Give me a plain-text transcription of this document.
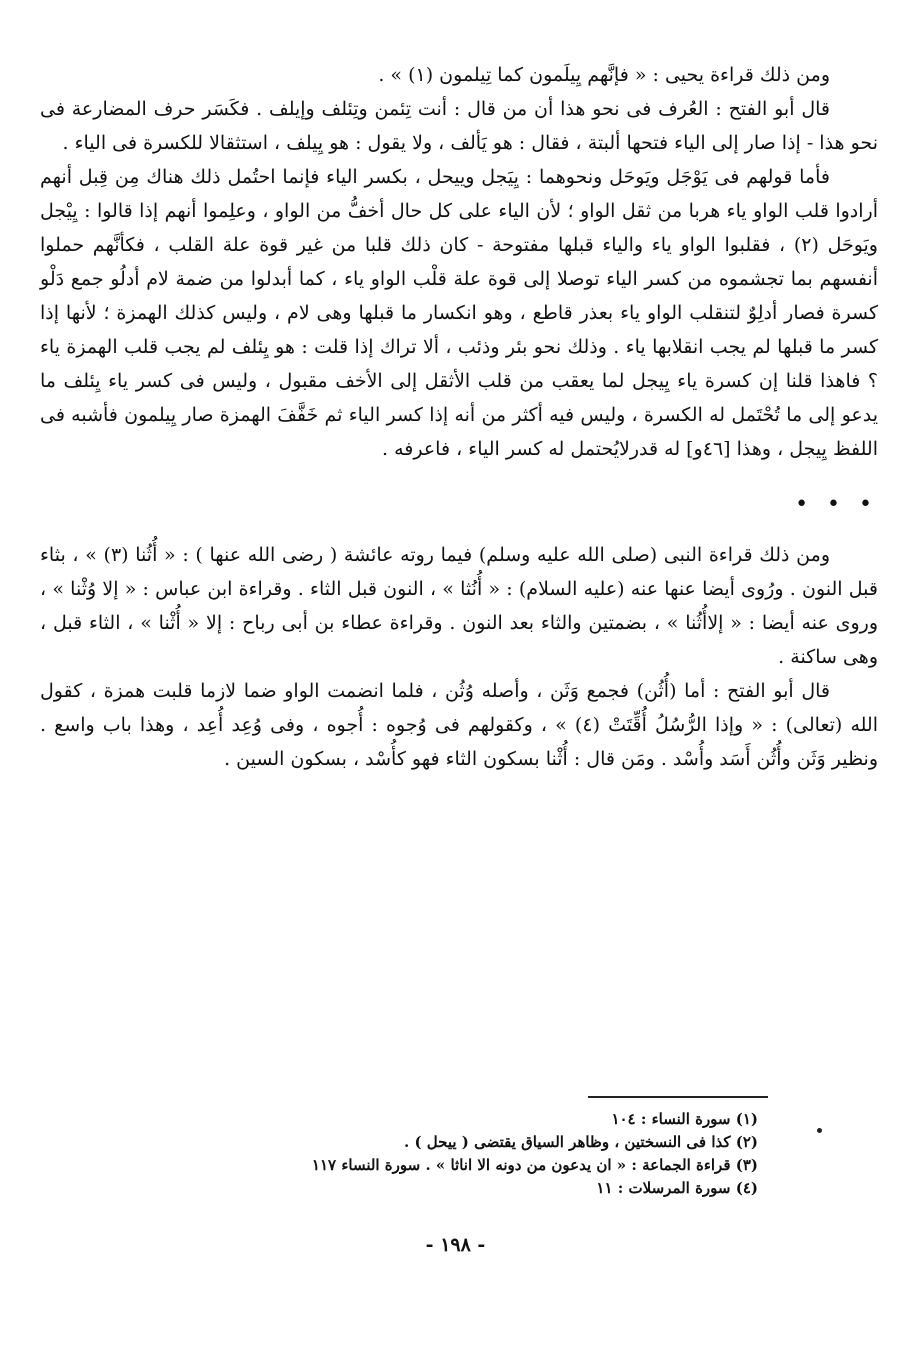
ومن ذلك قراءة يحيى : « فإنَّهم يِيلَمون كما تِيلمون (١) » .

قال أبو الفتح : العُرف فى نحو هذا أن من قال : أنت تِئمن وتِئلف وإيلف . فكَسَر حرف المضارعة فى نحو هذا - إذا صار إلى الياء فتحها ألبتة ، فقال : هو يَألف ، ولا يقول : هو يِيلف ، استثقالا للكسرة فى الياء .

فأما قولهم فى يَوْجَل ويَوحَل ونحوهما : يِيَجل وييحل ، بكسر الياء فإنما احتُمل ذلك هناك مِن قِبل أنهم أرادوا قلب الواو ياء هربا من ثقل الواو ؛ لأن الياء على كل حال أخفُّ من الواو ، وعلِموا أنهم إذا قالوا : يِيْجل ويَوحَل (٢) ، فقلبوا الواو ياء والياء قبلها مفتوحة - كان ذلك قلبا من غير قوة علة القلب ، فكأنَّهم حملوا أنفسهم بما تجشموه من كسر الياء توصلا إلى قوة علة قلْب الواو ياء ، كما أبدلوا من ضمة لام أدلُو جمع دَلْو كسرة فصار أدلِوٌ لتنقلب الواو ياء بعذر قاطع ، وهو انكسار ما قبلها وهى لام ، وليس كذلك الهمزة ؛ لأنها إذا كسر ما قبلها لم يجب انقلابها ياء . وذلك نحو بئر وذئب ، ألا تراك إذا قلت : هو يِئلف لم يجب قلب الهمزة ياء ؟ فاهذا قلنا إن كسرة ياء يِيجل لما يعقب من قلب الأثقل إلى الأخف مقبول ، وليس فى كسر ياء يِئلف ما يدعو إلى ما تُحْتَمل له الكسرة ، وليس فيه أكثر من أنه إذا كسر الياء ثم خَفَّفَ الهمزة صار يِيلمون فأشبه فى اللفظ يِيجل ، وهذا [٤٦و] له قدرلايُحتمل له كسر الياء ، فاعرفه .

• • •

ومن ذلك قراءة النبى (صلى الله عليه وسلم) فيما روته عائشة ( رضى الله عنها ) : « أُثُنا (٣) » ، بثاء قبل النون . ورُوى أيضا عنها عنه (عليه السلام) : « أُنُثا » ، النون قبل الثاء . وقراءة ابن عباس : « إلا وُثْنا » ، وروى عنه أيضا : « إلاأُثُنا » ، بضمتين والثاء بعد النون . وقراءة عطاء بن أبى رباح : إلا « أُثْنا » ، الثاء قبل ، وهى ساكنة .

قال أبو الفتح : أما (أُثُن) فجمع وَثَن ، وأصله وُثُن ، فلما انضمت الواو ضما لازما قلبت همزة ، كقول الله (تعالى) : « وإذا الرُّسُلُ أُقِّتَتْ (٤) » ، وكقولهم فى وُجوه : أُجوه ، وفى وُعِد أُعِد ، وهذا باب واسع . ونظير وَثَن وأُثُن أَسَد وأُسْد . ومَن قال : أُثْنا بسكون الثاء فهو كأُسْد ، بسكون السين .

(١) سورة النساء : ١٠٤
(٢) كذا فى النسختين ، وظاهر السياق يقتضى ( ييحل ) .
(٣) قراءة الجماعة : « ان يدعون من دونه الا اناثا » . سورة النساء ١١٧
(٤) سورة المرسلات : ١١
- ١٩٨ -
